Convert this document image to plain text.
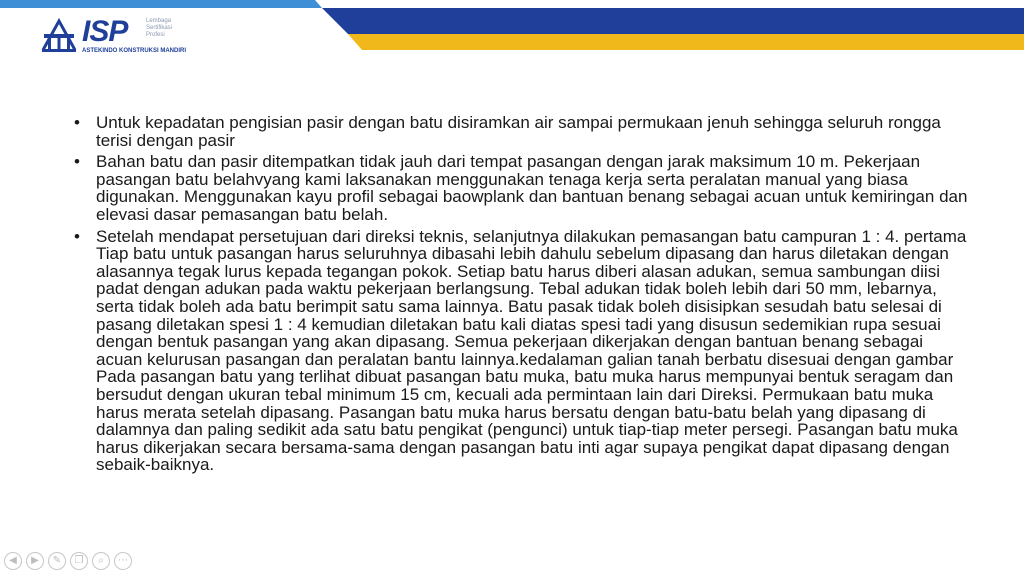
ISP	Lembaga
Sertifikasi
Profesi
ASTEKINDO KONSTRUKSI MANDIRI
• Untuk kepadatan pengisian pasir dengan batu disiramkan air sampai permukaan jenuh sehingga seluruh rongga terisi dengan pasir
• Bahan batu dan pasir ditempatkan tidak jauh dari tempat pasangan dengan jarak maksimum 10 m. Pekerjaan pasangan batu belahvyang kami laksanakan menggunakan tenaga kerja serta peralatan manual yang biasa digunakan. Menggunakan kayu profil sebagai baowplank dan bantuan benang sebagai acuan untuk kemiringan dan elevasi dasar pemasangan batu belah.
• Setelah mendapat persetujuan dari direksi teknis, selanjutnya dilakukan pemasangan batu campuran 1 : 4. pertama Tiap batu untuk pasangan harus seluruhnya dibasahi lebih dahulu sebelum dipasang dan harus diletakan dengan alasannya tegak lurus kepada tegangan pokok. Setiap batu harus diberi alasan adukan, semua sambungan diisi padat dengan adukan pada waktu pekerjaan berlangsung. Tebal adukan tidak boleh lebih dari 50 mm, lebarnya, serta tidak boleh ada batu berimpit satu sama lainnya. Batu pasak tidak boleh disisipkan sesudah batu selesai di pasang diletakan spesi 1 : 4 kemudian diletakan batu kali diatas spesi tadi yang disusun sedemikian rupa sesuai dengan bentuk pasangan yang akan dipasang. Semua pekerjaan dikerjakan dengan bantuan benang sebagai acuan kelurusan pasangan dan peralatan bantu lainnya.kedalaman galian tanah berbatu disesuai dengan gambar Pada pasangan batu yang terlihat dibuat pasangan batu muka, batu muka harus mempunyai bentuk seragam dan bersudut dengan ukuran tebal minimum 15 cm, kecuali ada permintaan lain dari Direksi. Permukaan batu muka harus merata setelah dipasang. Pasangan batu muka harus bersatu dengan batu-batu belah yang dipasang di dalamnya dan paling sedikit ada satu batu pengikat (pengunci) untuk tiap-tiap meter persegi. Pasangan batu muka harus dikerjakan secara bersama-sama dengan pasangan batu inti agar supaya pengikat dapat dipasang dengan sebaik-baiknya.
◀	▶	✎	❐	⌕	⋯
